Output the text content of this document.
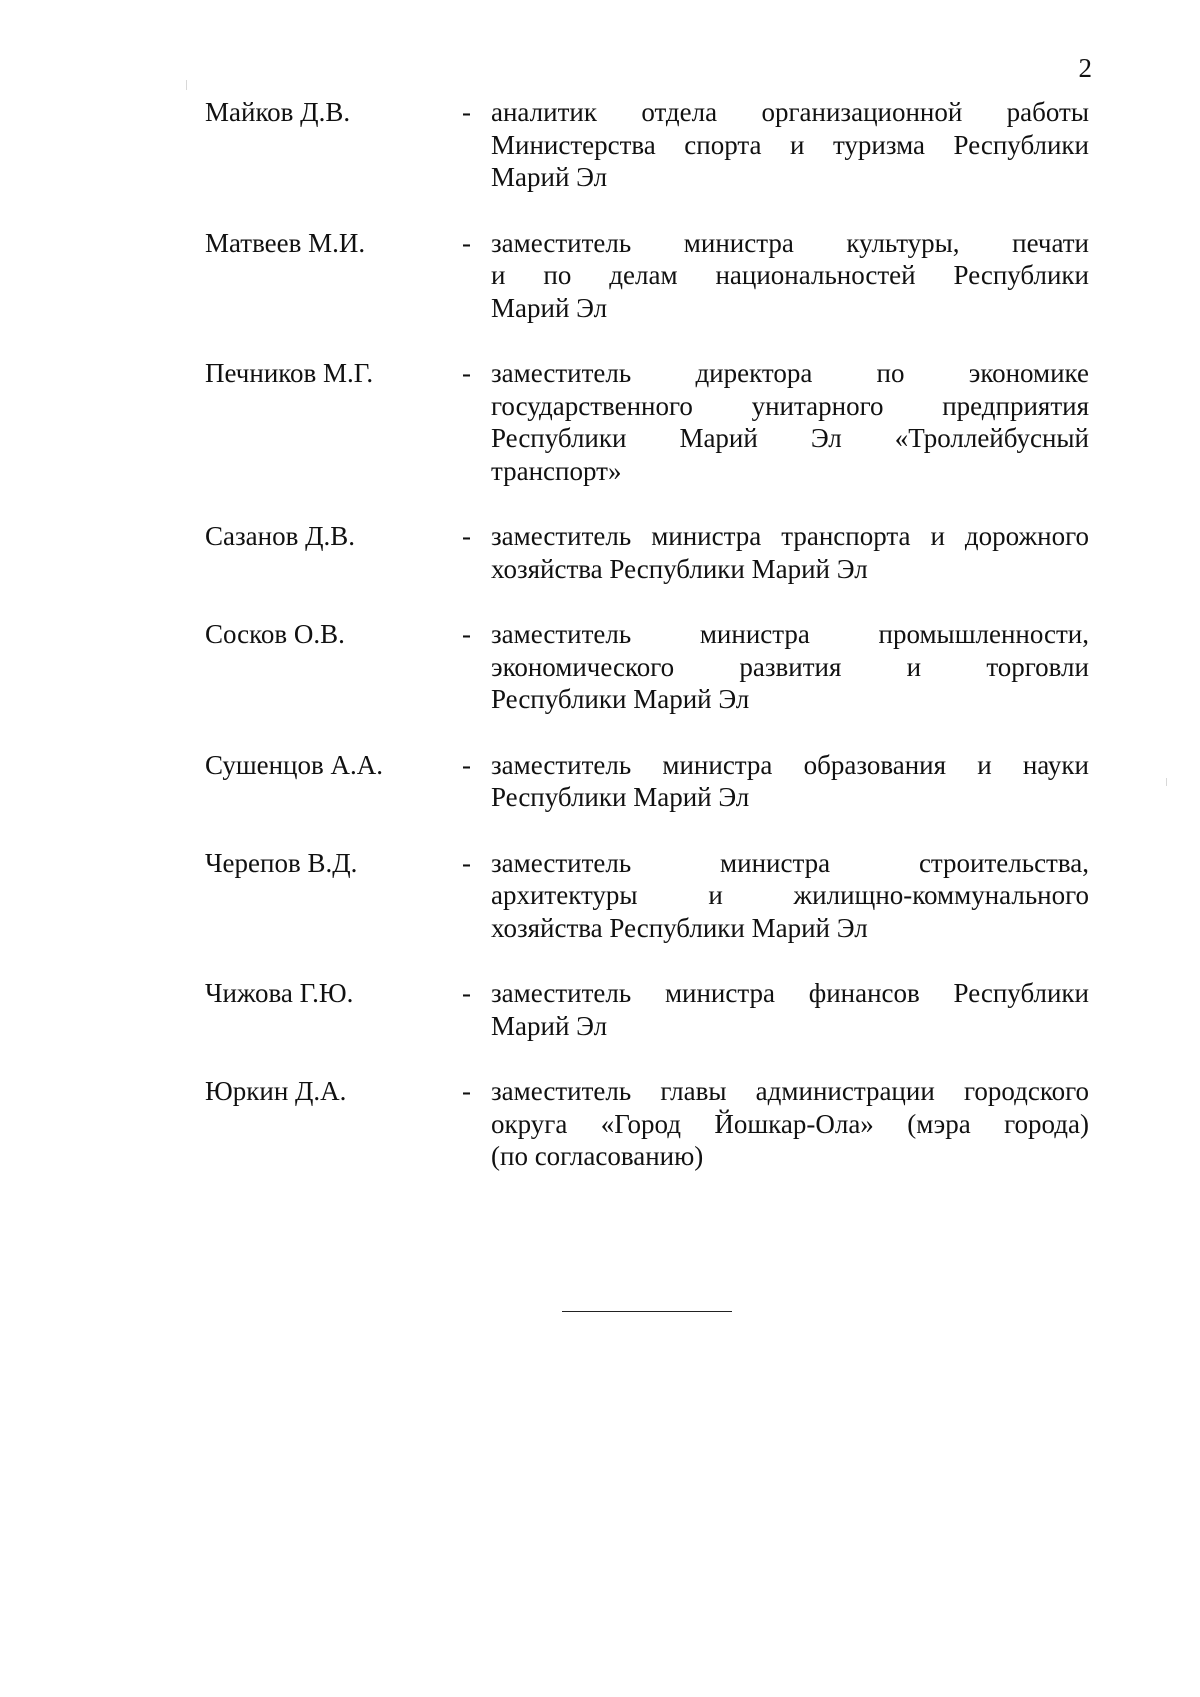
2
Майков Д.В.	- аналитик отдела организационной работы
Министерства спорта и туризма Республики
Марий Эл
Матвеев М.И.	- заместитель министра культуры, печати
и по делам национальностей Республики
Марий Эл
Печников М.Г.	- заместитель директора по экономике
государственного унитарного предприятия
Республики Марий Эл «Троллейбусный
транспорт»
Сазанов Д.В.	- заместитель министра транспорта и дорожного
хозяйства Республики Марий Эл
Сосков О.В.	- заместитель министра промышленности,
экономического развития и торговли
Республики Марий Эл
Сушенцов А.А.	- заместитель министра образования и науки
Республики Марий Эл
Черепов В.Д.	- заместитель министра строительства,
архитектуры и жилищно-коммунального
хозяйства Республики Марий Эл
Чижова Г.Ю.	- заместитель министра финансов Республики
Марий Эл
Юркин Д.А.	- заместитель главы администрации городского
округа «Город Йошкар-Ола» (мэра города)
(по согласованию)
